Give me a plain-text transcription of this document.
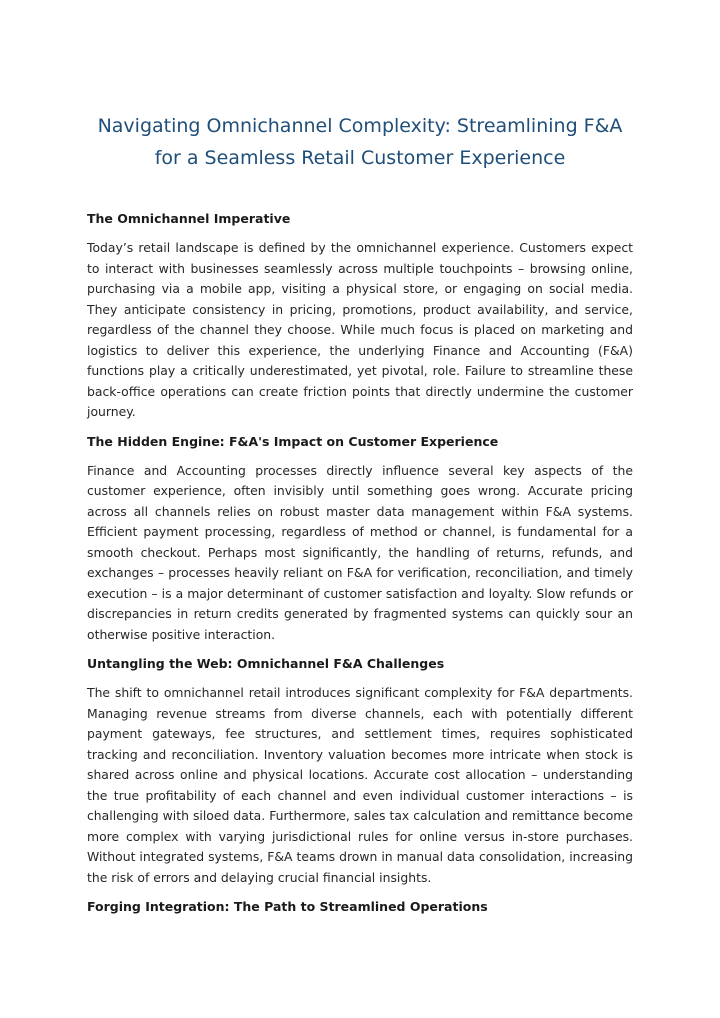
Navigating Omnichannel Complexity: Streamlining F&A
for a Seamless Retail Customer Experience
The Omnichannel Imperative

Today’s retail landscape is defined by the omnichannel experience. Customers expect to interact with businesses seamlessly across multiple touchpoints – browsing online, purchasing via a mobile app, visiting a physical store, or engaging on social media. They anticipate consistency in pricing, promotions, product availability, and service, regardless of the channel they choose. While much focus is placed on marketing and logistics to deliver this experience, the underlying Finance and Accounting (F&A) functions play a critically underestimated, yet pivotal, role. Failure to streamline these back-office operations can create friction points that directly undermine the customer journey.

The Hidden Engine: F&A's Impact on Customer Experience

Finance and Accounting processes directly influence several key aspects of the customer experience, often invisibly until something goes wrong. Accurate pricing across all channels relies on robust master data management within F&A systems. Efficient payment processing, regardless of method or channel, is fundamental for a smooth checkout. Perhaps most significantly, the handling of returns, refunds, and exchanges – processes heavily reliant on F&A for verification, reconciliation, and timely execution – is a major determinant of customer satisfaction and loyalty. Slow refunds or discrepancies in return credits generated by fragmented systems can quickly sour an otherwise positive interaction.

Untangling the Web: Omnichannel F&A Challenges

The shift to omnichannel retail introduces significant complexity for F&A departments. Managing revenue streams from diverse channels, each with potentially different payment gateways, fee structures, and settlement times, requires sophisticated tracking and reconciliation. Inventory valuation becomes more intricate when stock is shared across online and physical locations. Accurate cost allocation – understanding the true profitability of each channel and even individual customer interactions – is challenging with siloed data. Furthermore, sales tax calculation and remittance become more complex with varying jurisdictional rules for online versus in-store purchases. Without integrated systems, F&A teams drown in manual data consolidation, increasing the risk of errors and delaying crucial financial insights.

Forging Integration: The Path to Streamlined Operations
